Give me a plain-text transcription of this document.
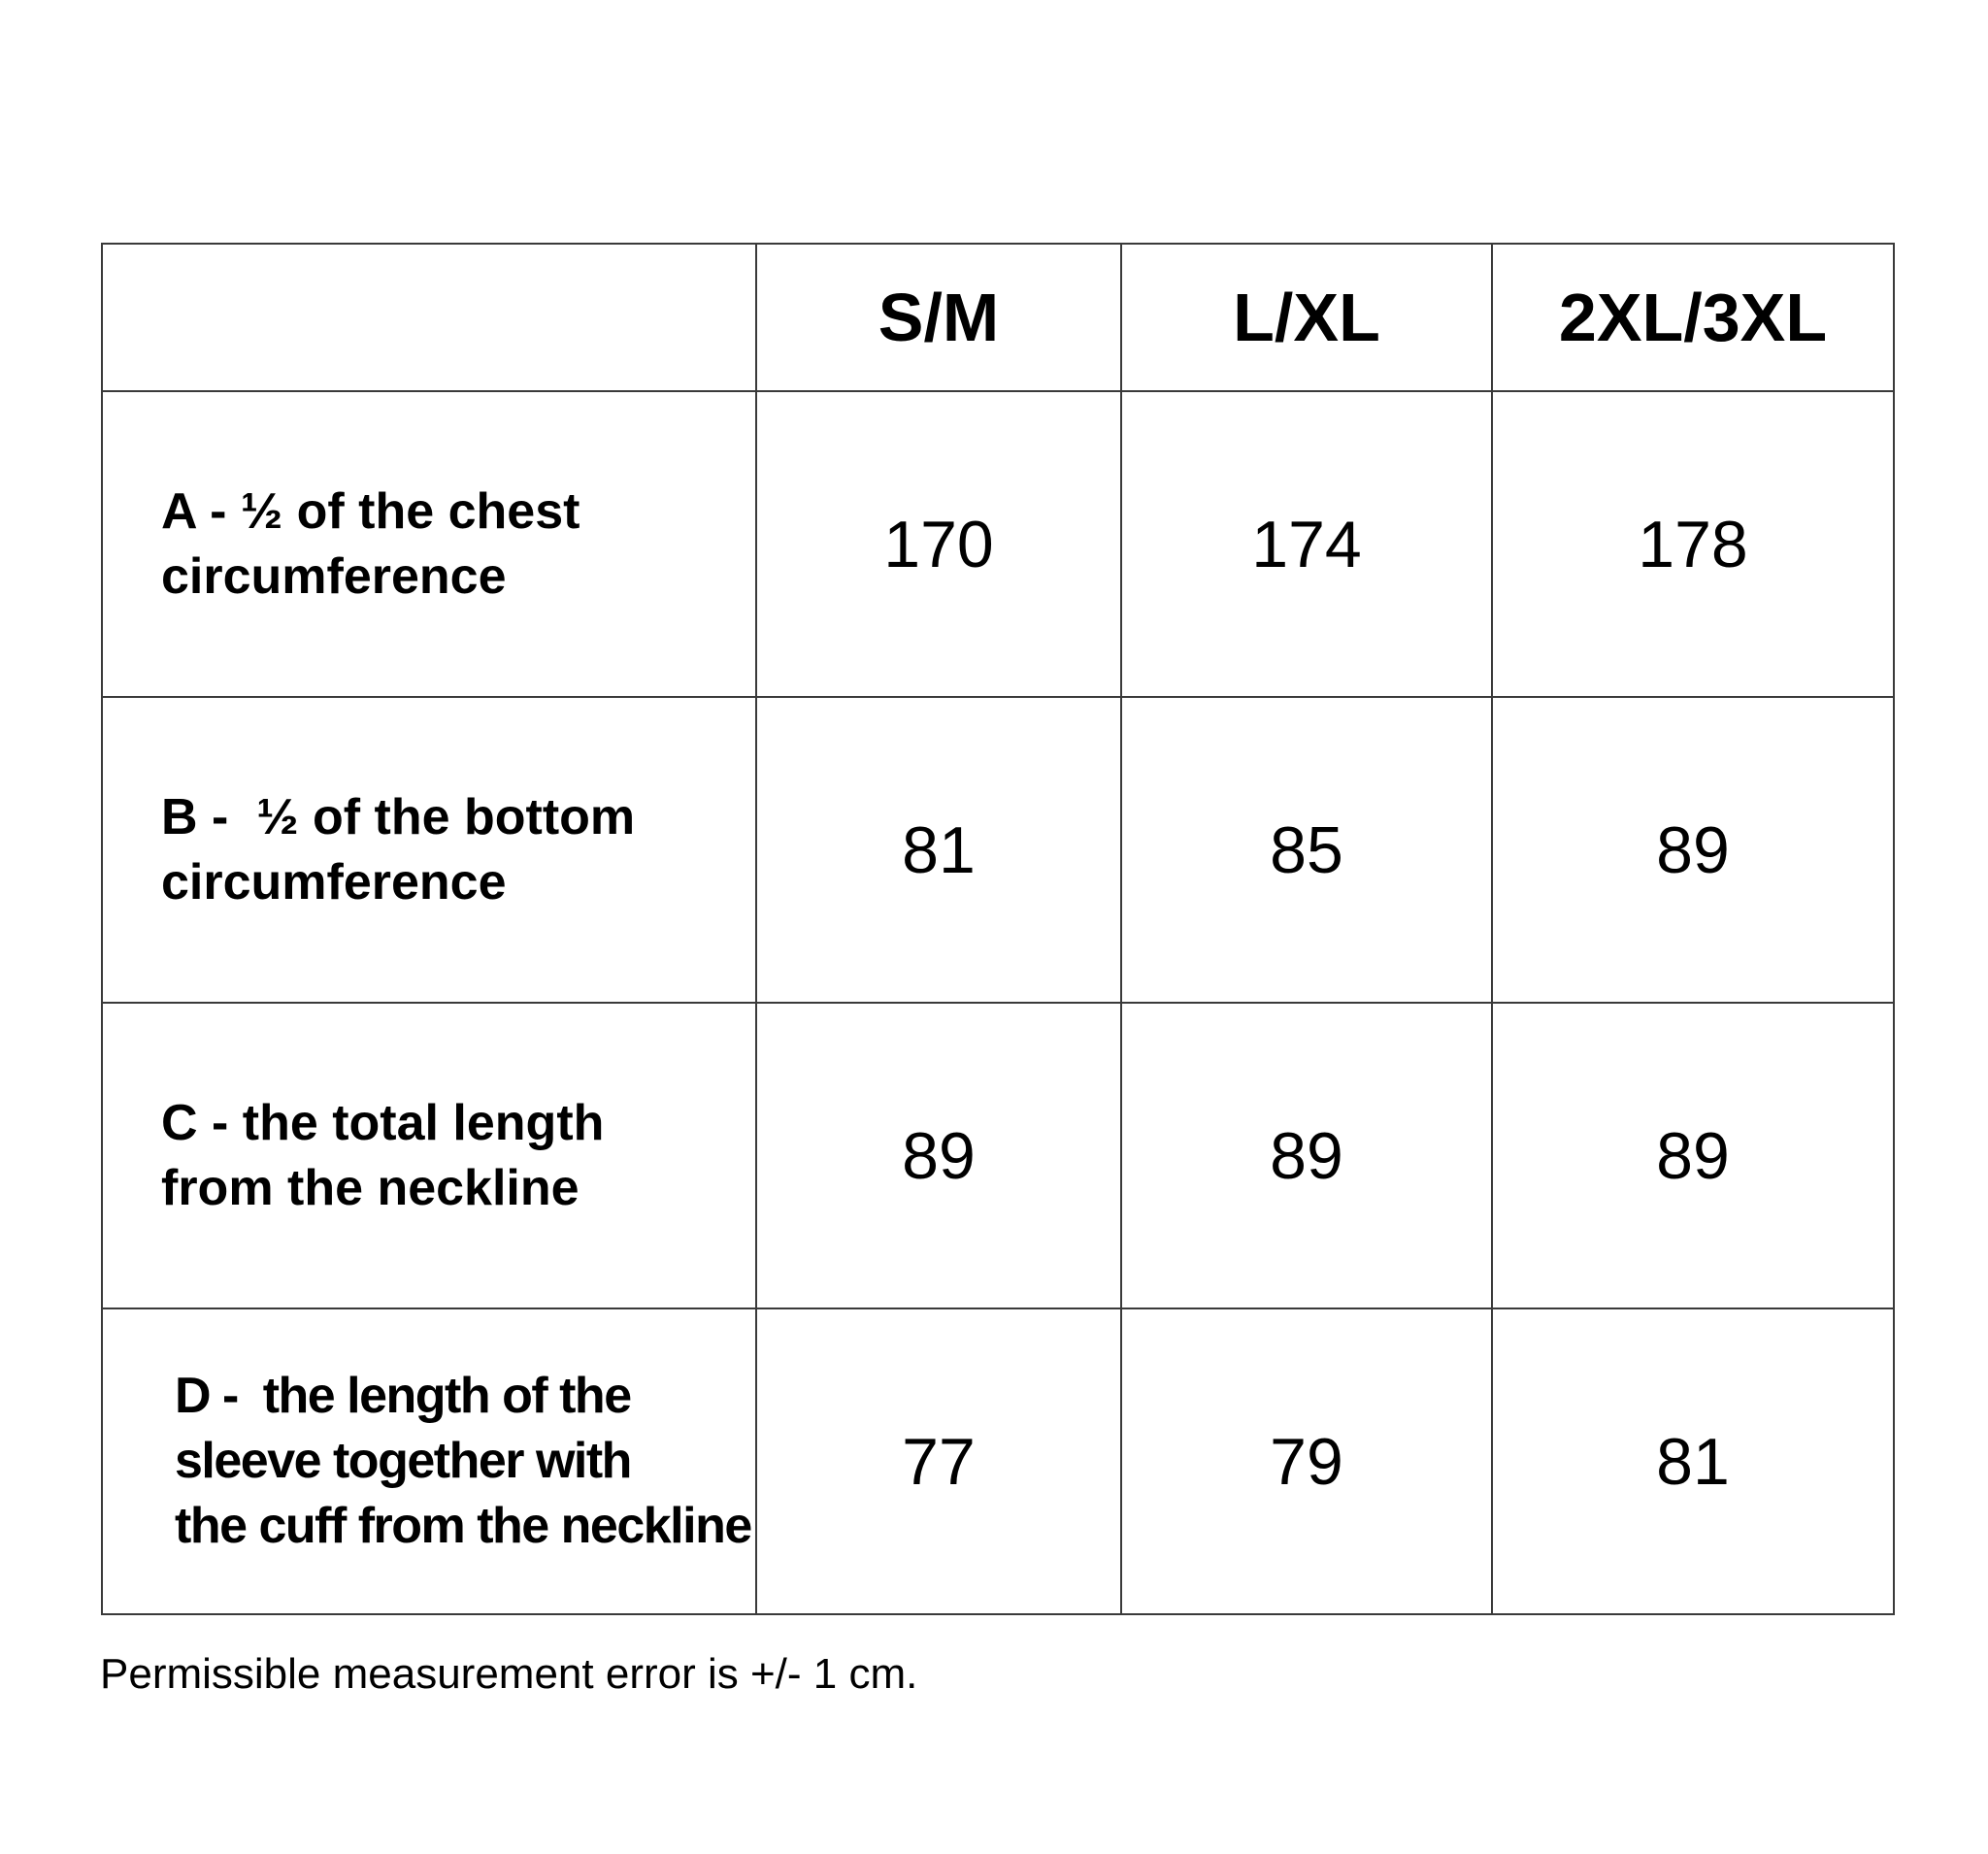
	S/M	L/XL	2XL/3XL

A - ½ of the chest
circumference	170	174	178

B -  ½ of the bottom
circumference	81	85	89

C - the total length
from the neckline	89	89	89

D -  the length of the
sleeve together with
the cuff from the neckline	77	79	81
Permissible measurement error is +/- 1 cm.
